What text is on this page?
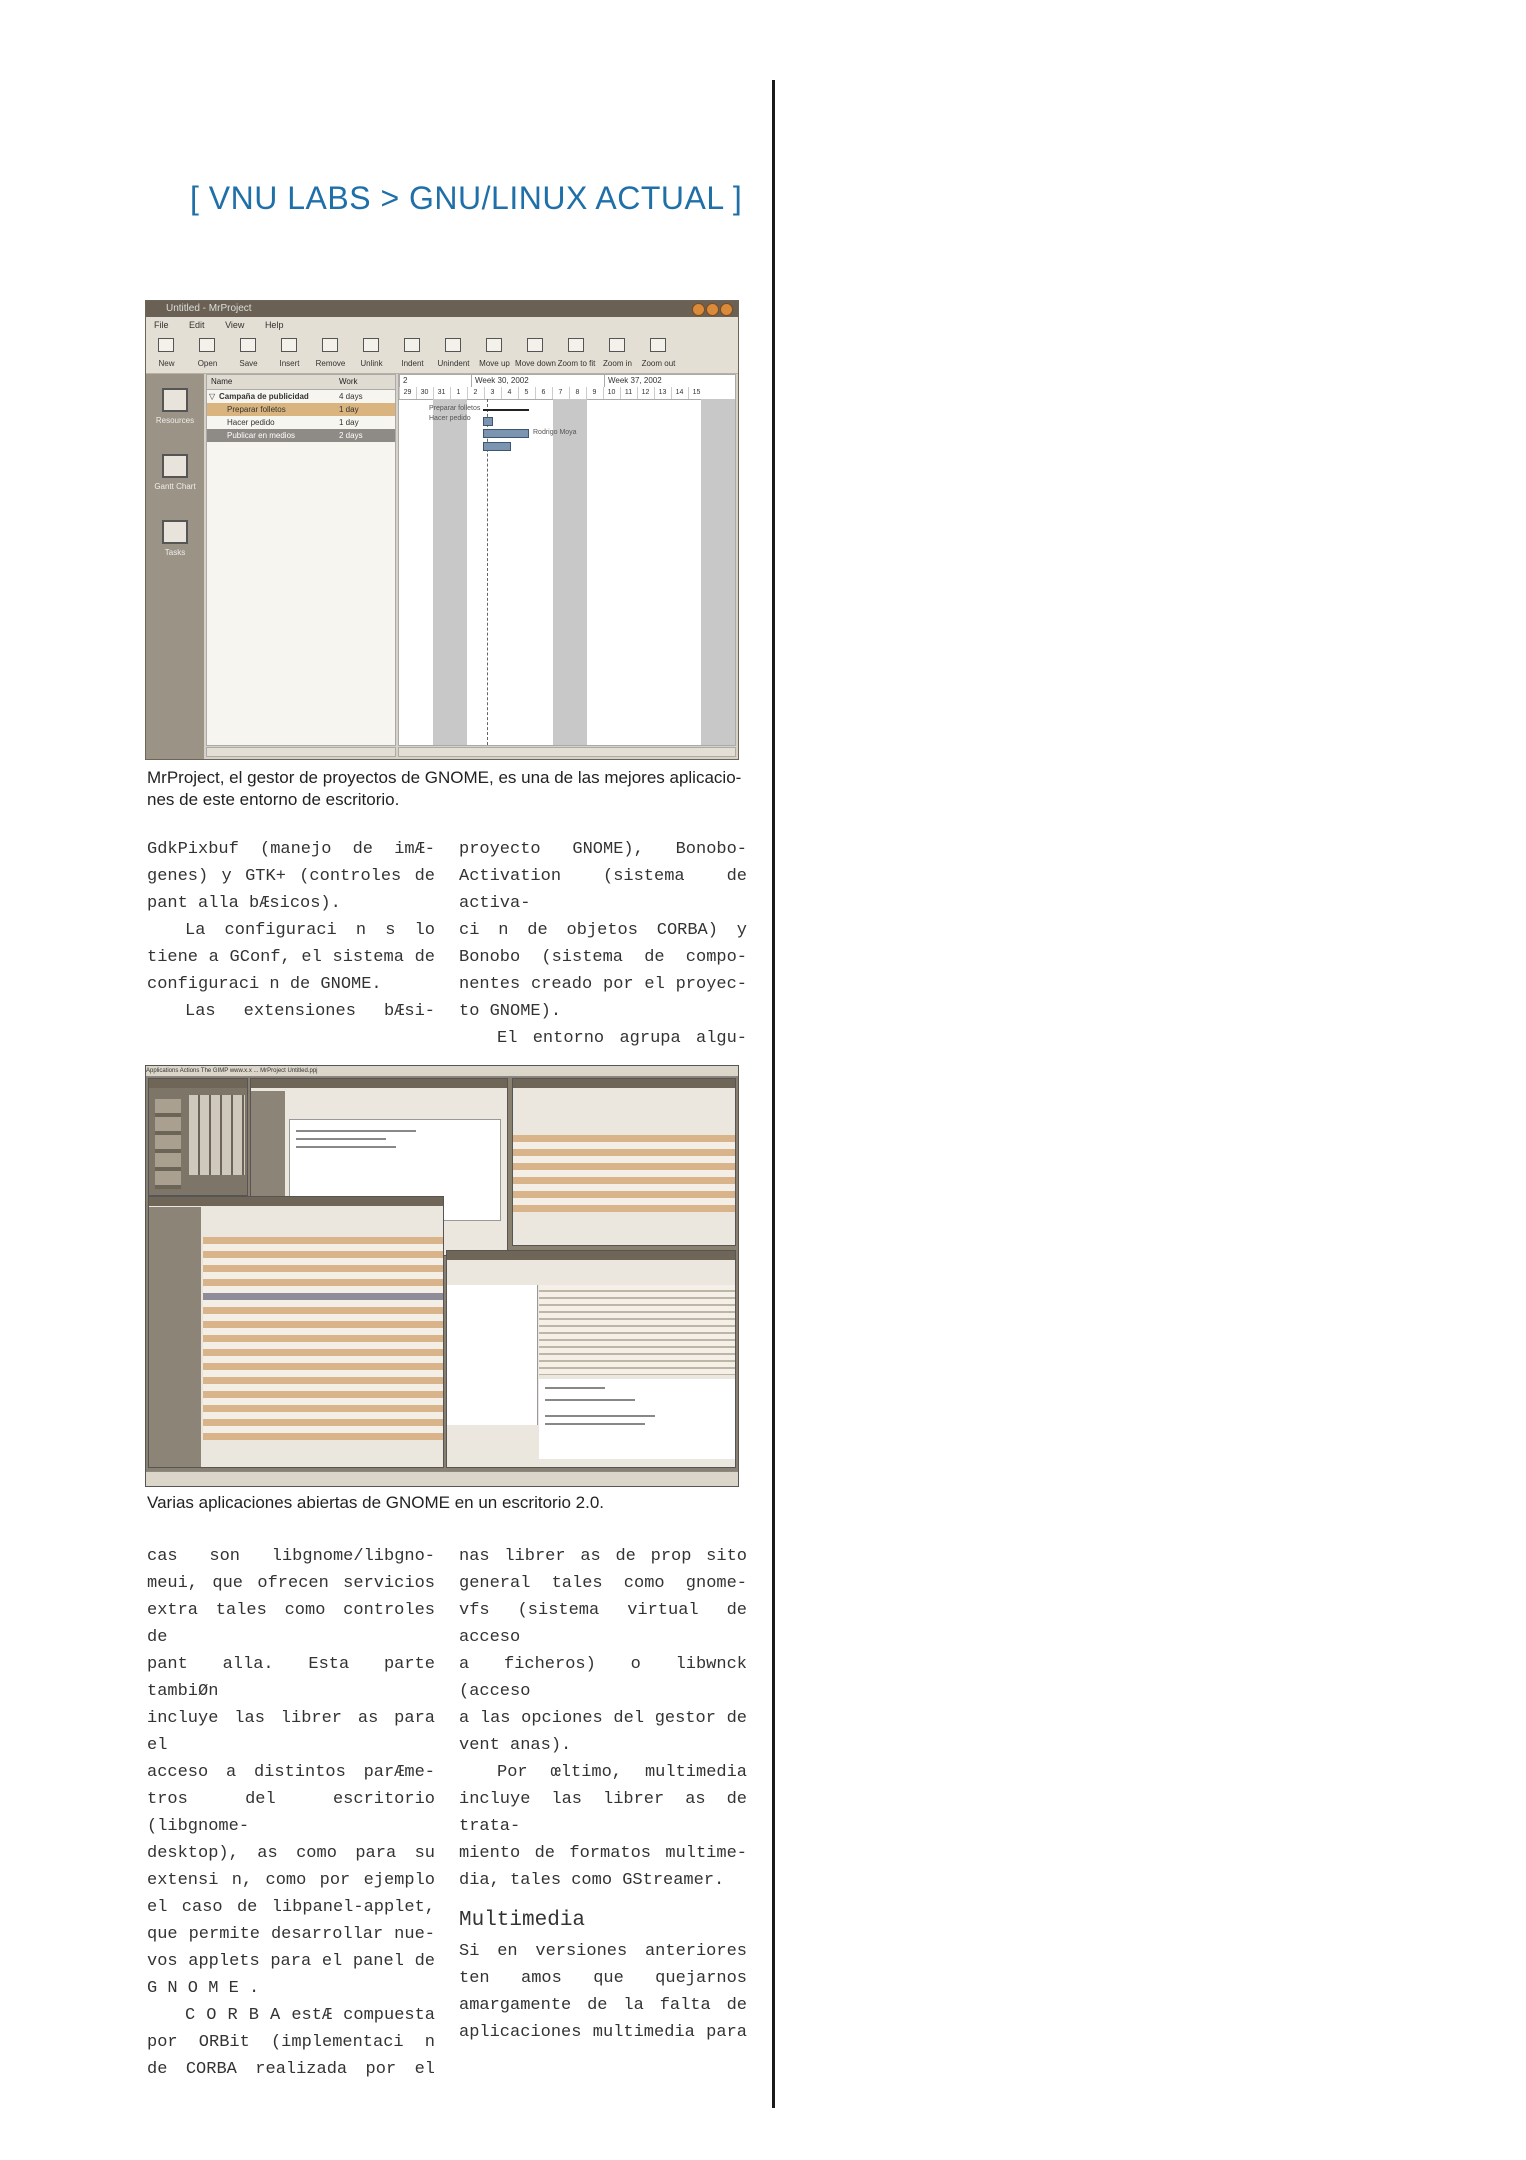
[ VNU LABS > GNU/LINUX ACTUAL ]
Untitled - MrProject
File Edit View Help
New	Open	Save	Insert	Remove	Unlink	Indent	Unindent	Move up Move down Zoom to fit Zoom in	Zoom out
Resources
Gantt Chart
Tasks
Name	Work
▽ Campaña de publicidad	4 days
Preparar folletos	1 day
Hacer pedido	1 day
Publicar en medios	2 days
2	Week 30, 2002	Week 37, 2002
29	30	31	1	2	3	4	5	6	7	8	9	10	11	12	13	14	15
Preparar folletos
Hacer pedido
Rodrigo Moya
MrProject, el gestor de proyectos de GNOME, es una de las mejores aplicacio-
nes de este entorno de escritorio.

GdkPixbuf (manejo de imÆ-

genes) y GTK+ (controles de

pant alla bÆsicos).

La configuraci n s lo

tiene a GConf, el sistema de

configuraci n de GNOME.

Las extensiones bÆsi-

proyecto GNOME), Bonobo-

Activation (sistema de activa-

ci n de objetos CORBA) y

Bonobo (sistema de compo-

nentes creado por el proyec-

to GNOME).

El entorno agrupa algu-

Applications Actions The GIMP www.x.x ... MrProject Untitled.ppj
Varias aplicaciones abiertas de GNOME en un escritorio 2.0.

cas son libgnome/libgno-

meui, que ofrecen servicios

extra tales como controles de

pant alla. Esta parte tambiØn

incluye las librer as para el

acceso a distintos parÆme-

tros del escritorio (libgnome-

desktop), as como para su

extensi n, como por ejemplo

el caso de libpanel-applet,

que permite desarrollar nue-

vos applets para el panel de

G N O M E .

C O R B A estÆ compuesta

por ORBit (implementaci n

de CORBA realizada por el

nas librer as de prop sito

general tales como gnome-

vfs (sistema virtual de acceso

a ficheros) o libwnck (acceso

a las opciones del gestor de

vent anas).

Por œltimo, multimedia

incluye las librer as de trata-

miento de formatos multime-

dia, tales como GStreamer.

Multimedia

Si en versiones anteriores

ten amos que quejarnos

amargamente de la falta de

aplicaciones multimedia para
